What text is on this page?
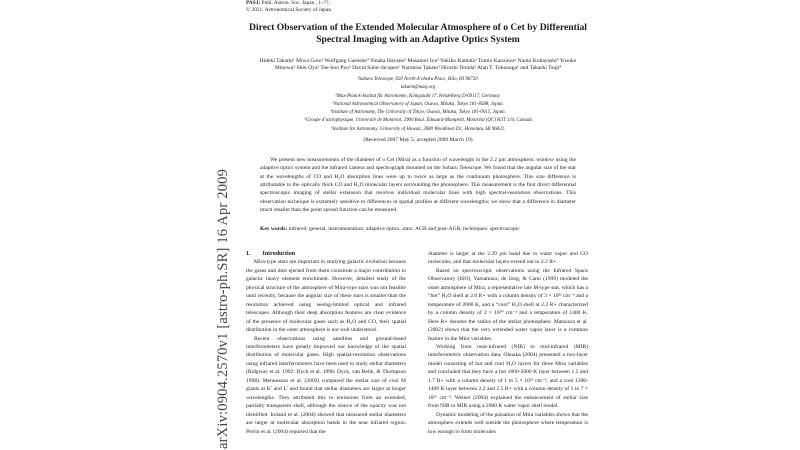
arXiv:0904.2570v1 [astro-ph.SR] 16 Apr 2009
PASJ: Publ. Astron. Soc. Japan , 1–??,
© 2021. Astronomical Society of Japan.
Direct Observation of the Extended Molecular Atmosphere of o Cet by Differential Spectral Imaging with an Adaptive Optics System
Hideki Takami¹ Miwa Goto² Wolfgang Gaessler³ Yutaka Hayano³ Masanori Iye³ Yukiko Kamata³ Tomio Kanzawa³ Naoto Kobayashi⁴ Yosuke Minowa³ Shin Oya³ Tae-Soo Pyo³ David Saint-Jacques⁵ Narubisa Takato³ Hiroshi Terada³ Alan T. Tokunaga⁶ and Takashi Tsuji⁴
¹Subaru Telescope, 650 North A’ohoku Place, Hilo, HI 96720.
takami@naoj.org
²Max-Planck-Institut für Astronomie, Königstuhl 17, Heidelberg D-69117, Germany.
³National Astronomical Observatory of Japan, Osawa, Mitaka, Tokyo 181-8588, Japan.
⁴Institute of Astronomy, The University of Tokyo, Osawa, Mitaka, Tokyo 181-0015, Japan.
⁵Groupe d’astrophysique, Université de Montréal, 2900 Boul. Édouard-Montpetit, Montréal (QC) H3T 1J4, Canada
⁶Institute for Astronomy, University of Hawaii, 2680 Woodlawn Dr., Honolulu, HI 96822.
(Received 2007 May 5; accepted 2009 March 19)
We present new measurements of the diameter of o Cet (Mira) as a function of wavelength in the 2.2 μm atmospheric window using the adaptive optics system and the infrared camera and spectrograph mounted on the Subaru Telescope. We found that the angular size of the star at the wavelengths of CO and H₂O absorption lines were up to twice as large as the continuum photosphere. This size difference is attributable to the optically thick CO and H₂O molecular layers surrounding the photosphere. This measurement is the first direct differential spectroscopic imaging of stellar extension that resolves individual molecular lines with high spectral-resolution observations. This observation technique is extremely sensitive to differences in spatial profiles at different wavelengths; we show that a difference in diameter much smaller than the point spread function can be measured.
Key words: infrared: general, instrumentation: adaptive optics, stars: AGB and post-AGB, techniques: spectroscopic

1. Introduction

Mira-type stars are important in studying galactic evolution because the gases and dust ejected from them constitute a major contribution to galactic heavy element enrichment. However, detailed study of the physical structure of the atmosphere of Mira-type stars was not feasible until recently, because the angular size of these stars is smaller than the resolution achieved using seeing-limited optical and infrared telescopes. Although their deep absorption features are clear evidence of the presence of molecular gases such as H₂O and CO, their spatial distribution in the outer atmosphere is not well understood.

Recent observations using satellites and ground-based interferometers have greatly improved our knowledge of the spatial distribution of molecular gases. High spatial-resolution observations using infrared interferometers have been used to study stellar diameters (Ridgway et al. 1992; Dyck et al. 1996; Dyck, van Belle, & Thompson 1998). Mennesson et al. (2002) compared the stellar size of cool M giants at K′ and L′ and found that stellar diameters are larger at longer wavelengths. They attributed this to emissions from an extended, partially transparent shell, although the source of the opacity was not identified. Ireland et al. (2004) showed that measured stellar diameters are larger at molecular absorption bands in the near infrared region. Perrin et al. (2004) reported that the

diameter is larger at the 2.39 μm band due to water vapor and CO molecules, and that molecular layers extend out to 2.2 R⋆.

Based on spectroscopic observations using the Infrared Space Observatory (ISO), Yamamura, de Jong, & Cami (1999) modeled the outer atmosphere of Mira, a representative late M-type star, which has a “hot” H₂O shell at 2.0 R⋆ with a column density of 3 × 10²¹ cm⁻² and a temperature of 2000 K, and a “cool” H₂O shell at 2.3 R⋆ characterized by a column density of 2 × 10²⁰ cm⁻² and a temperature of 1400 K. Here R⋆ denotes the radius of the stellar photosphere. Matsuura et al. (2002) shows that the very extended water vapor layer is a common feature in the Mira variables.

Working from near-infrared (NIR) to mid-infrared (MIR) interferometric observation data, Ohnaka (2004) presented a two-layer model consisting of hot and cool H₂O layers for three Mira variables and concluded that they have a hot 1800-2000 K layer between 1.5 and 1.7 R⋆ with a column density of 1 to 5 × 10²¹ cm⁻², and a cool 1200-1400 K layer between 2.2 and 2.5 R⋆ with a column density of 1 to 7 × 10²¹ cm⁻². Weiner (2004) explained the enhancement of stellar size from NIR to MIR using a 2000 K water vapor shell model.

Dynamic modeling of the pulsation of Mira variables shows that the atmosphere extends well outside the photosphere where temperature is low enough to form molecules
